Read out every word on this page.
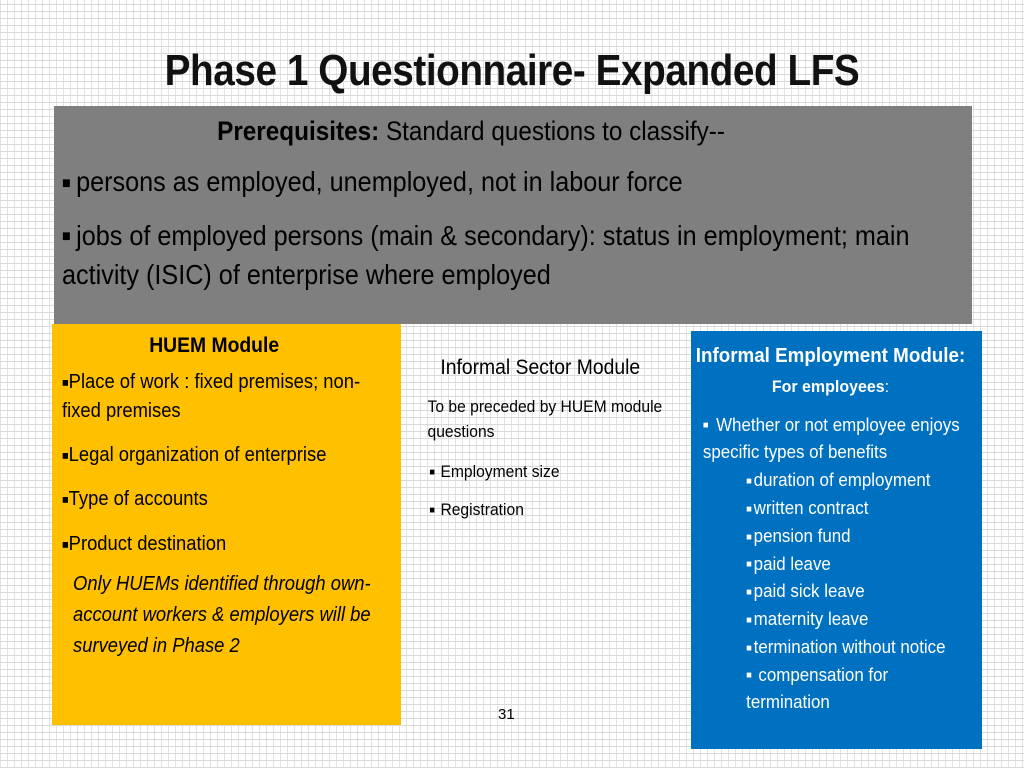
Phase 1 Questionnaire- Expanded LFS
Prerequisites: Standard questions to classify--
■ persons as employed, unemployed, not in labour force
■ jobs of employed persons (main & secondary): status in employment; main activity (ISIC) of enterprise where employed
HUEM Module
■Place of work : fixed premises; non-fixed premises
■Legal organization of enterprise
■Type of accounts
■Product destination
Only HUEMs identified through own-account workers & employers will be surveyed in Phase 2
Informal Sector Module
To be preceded by HUEM module questions
■ Employment size
■ Registration
Informal Employment Module: For employees:
■ Whether or not employee enjoys specific types of benefits
■ duration of employment
■ written contract
■ pension fund
■ paid leave
■ paid sick leave
■ maternity leave
■ termination without notice
■ compensation for termination
31
